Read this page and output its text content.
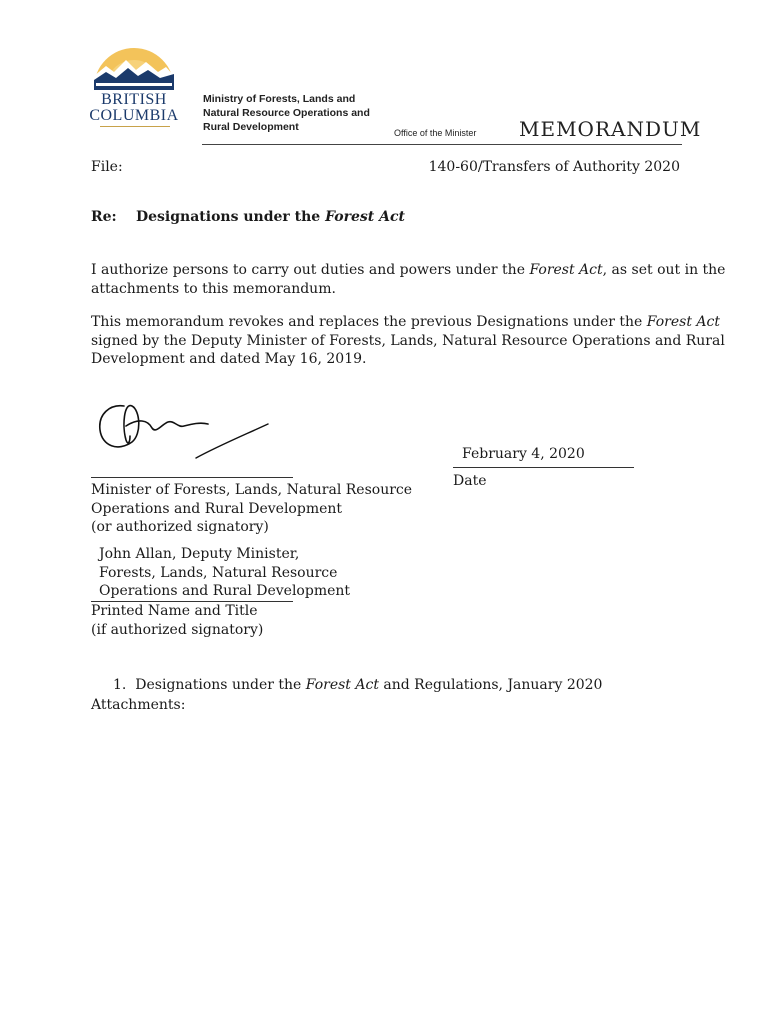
BRITISH
COLUMBIA
Ministry of Forests, Lands and
Natural Resource Operations and
Rural Development	Office of the Minister MEMORANDUM
File:	140-60/Transfers of Authority 2020
Re: Designations under the Forest Act
I authorize persons to carry out duties and powers under the Forest Act, as set out in the
attachments to this memorandum.
This memorandum revokes and replaces the previous Designations under the Forest Act
signed by the Deputy Minister of Forests, Lands, Natural Resource Operations and Rural
Development and dated May 16, 2019.
February 4, 2020
Date
Minister of Forests, Lands, Natural Resource
Operations and Rural Development
(or authorized signatory)
John Allan, Deputy Minister,
Forests, Lands, Natural Resource
Operations and Rural Development
Printed Name and Title
(if authorized signatory)
1. Designations under the Forest Act and Regulations, January 2020
Attachments:
